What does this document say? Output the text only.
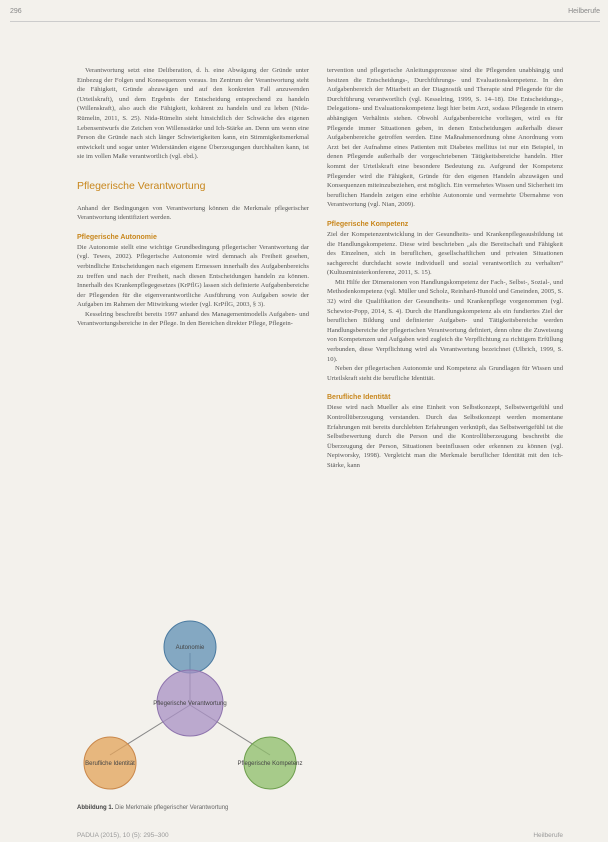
296	Heilberufe

Verantwortung setzt eine Deliberation, d. h. eine Abwägung der Gründe unter Einbezug der Folgen und Konsequenzen voraus. Im Zentrum der Verantwortung steht die Fähigkeit, Gründe abzuwägen und auf den konkreten Fall anzuwenden (Urteilskraft), und dem Ergebnis der Entscheidung entsprechend zu handeln (Willenskraft), also auch die Fähigkeit, kohärent zu handeln und zu leben (Nida-Rümelin, 2011, S. 25). Nida-Rümelin sieht hinsichtlich der Schwäche des eigenen Lebensentwurfs die Zeichen von Willensstärke und Ich-Stärke an. Denn um wenn eine Person die Gründe nach sich länger Schwierigkeiten kann, ein Stimmigkeitsmerkmal entwickelt und sogar unter Widerständen eigene Überzeugungen durchhalten kann, ist sie im vollen Maße verantwortlich (vgl. ebd.).

Pflegerische Verantwortung

Anhand der Bedingungen von Verantwortung können die Merkmale pflegerischer Verantwortung identifiziert werden.

Pflegerische Autonomie

Die Autonomie stellt eine wichtige Grundbedingung pflegerischer Verantwortung dar (vgl. Tewes, 2002). Pflegerische Autonomie wird demnach als Freiheit gesehen, verbindliche Entscheidungen nach eigenem Ermessen innerhalb des Aufgabenbereichs zu treffen und nach der Freiheit, nach diesen Entscheidungen handeln zu können. Innerhalb des Krankenpflegegesetzes (KrPflG) lassen sich definierte Aufgabenbereiche der Pflegenden für die eigenverantwortliche Ausführung von Aufgaben sowie der Aufgaben im Rahmen der Mitwirkung wieder (vgl. KrPflG, 2003, § 3).

Kesselring beschreibt bereits 1997 anhand des Managementmodells Aufgaben- und Verantwortungsbereiche in der Pflege. In den Bereichen direkter Pflege, Pflegein-

tervention und pflegerische Anleitungsprozesse sind die Pflegenden unabhängig und besitzen die Entscheidungs-, Durchführungs- und Evaluationskompetenz. In den Aufgabenbereich der Mitarbeit an der Diagnostik und Therapie sind Pflegende für die Durchführung verantwortlich (vgl. Kesselring, 1999, S. 14–18). Die Entscheidungs-, Delegations- und Evaluationskompetenz liegt hier beim Arzt, sodass Pflegende in einem abhängigen Verhältnis stehen. Obwohl Aufgabenbereiche vorliegen, wird es für Pflegende immer Situationen geben, in denen Entscheidungen außerhalb dieser Aufgabenbereiche getroffen werden. Eine Maßnahmenordnung ohne Anordnung vom Arzt bei der Aufnahme eines Patienten mit Diabetes mellitus ist nur ein Beispiel, in denen Pflegende außerhalb der vorgeschriebenen Tätigkeitsbereiche handeln. Hier kommt der Urteilskraft eine besondere Bedeutung zu. Aufgrund der Kompetenz Pflegender wird die Fähigkeit, Gründe für den eigenen Handeln abzuwägen und Konsequenzen miteinzubeziehen, erst möglich. Ein vermehrtes Wissen und Sicherheit im beruflichen Handeln zeigen eine erhöhte Autonomie und vermehrte Übernahme von Verantwortung (vgl. Nian, 2009).

Pflegerische Kompetenz

Ziel der Kompetenzentwicklung in der Gesundheits- und Krankenpflegeausbildung ist die Handlungskompetenz. Diese wird beschrieben „als die Bereitschaft und Fähigkeit des Einzelnen, sich in beruflichen, gesellschaftlichen und privaten Situationen sachgerecht durchdacht sowie individuell und sozial verantwortlich zu verhalten“ (Kultusministerkonferenz, 2011, S. 15).

Mit Hilfe der Dimensionen von Handlungskompetenz der Fach-, Selbst-, Sozial-, und Methodenkompetenz (vgl. Müller und Scholz, Reinhard-Hunold und Gmeinden, 2005, S. 32) wird die Qualifikation der Gesundheits- und Krankenpflege vorgenommen (vgl. Schewior-Popp, 2014, S. 4). Durch die Handlungskompetenz als ein fundiertes Ziel der beruflichen Bildung und definierter Aufgaben- und Tätigkeitsbereiche werden Handlungsbereiche der pflegerischen Verantwortung definiert, denn ohne die Zuweisung von Kompetenzen und Aufgaben wird zugleich die Verpflichtung zu richtigem Erfüllung verbunden, diese Verpflichtung wird als Verantwortung bezeichnet (Ulbrich, 1999, S. 10).

Neben der pflegerischen Autonomie und Kompetenz als Grundlagen für Wissen und Urteilskraft steht die berufliche Identität.

Berufliche Identität

Diese wird nach Mueller als eine Einheit von Selbstkonzept, Selbstwertgefühl und Kontrollüberzeugung verstanden. Durch das Selbstkonzept werden momentane Erfahrungen mit bereits durchlebten Erfahrungen verknüpft, das Selbstwertgefühl ist die Selbstbewertung durch die Person und die Kontrollüberzeugung beschreibt die Überzeugung der Person, Situationen beeinflussen oder erkennen zu können (vgl. Nepiworsky, 1998). Vergleicht man die Merkmale beruflicher Identität mit den ich-Stärke, kann

Autonomie
Pflegerische Verantwortung
Berufliche Identität	Pflegerische Kompetenz
Abbildung 1. Die Merkmale pflegerischer Verantwortung
PADUA (2015), 10 (5): 295–300	Heilberufe
